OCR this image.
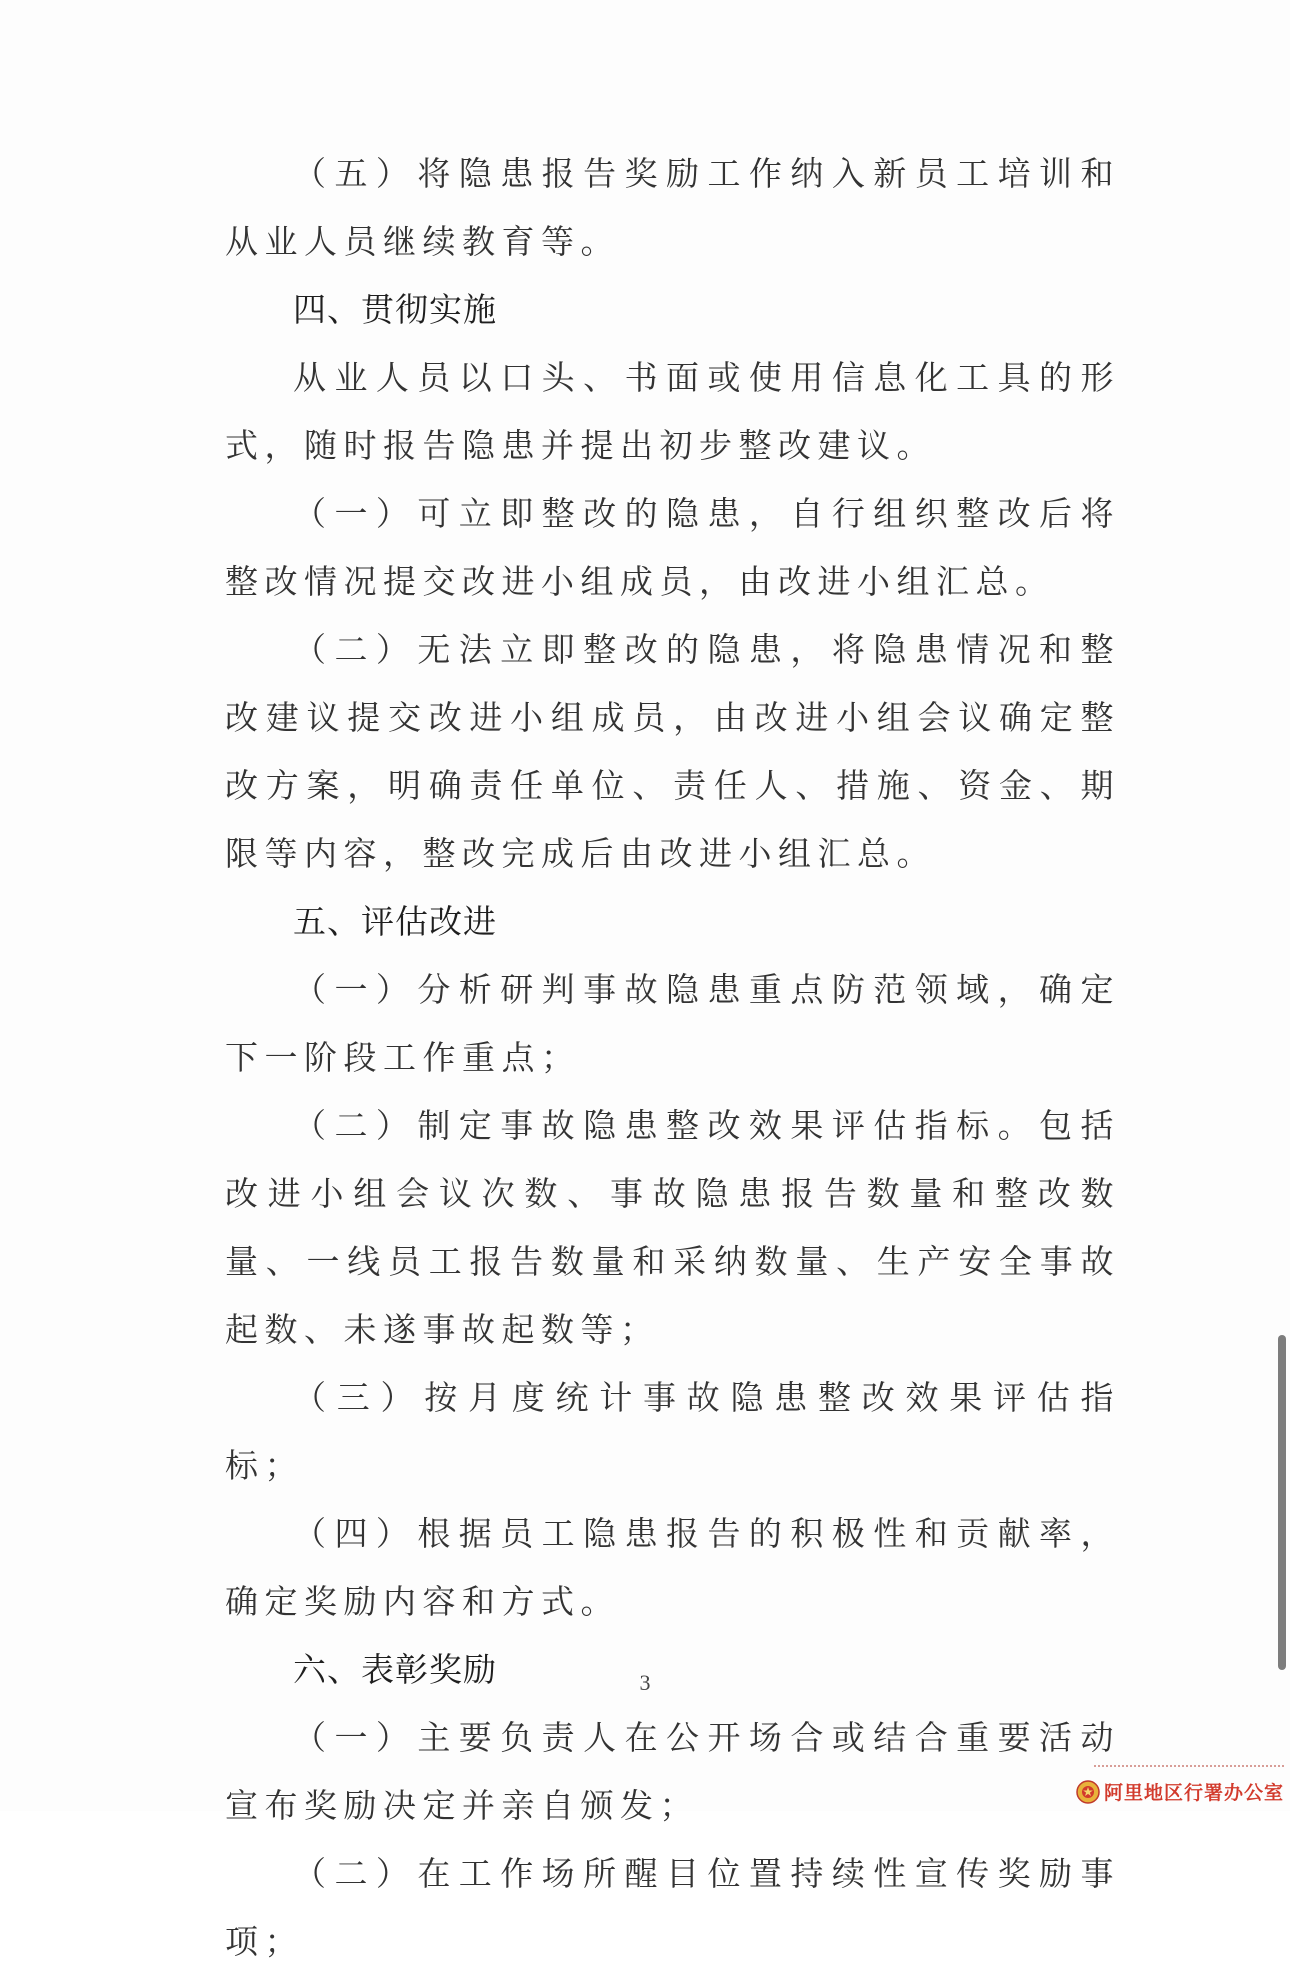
（五）将隐患报告奖励工作纳入新员工培训和从业人员继续教育等。

四、贯彻实施

从业人员以口头、书面或使用信息化工具的形式，随时报告隐患并提出初步整改建议。

（一）可立即整改的隐患，自行组织整改后将整改情况提交改进小组成员，由改进小组汇总。

（二）无法立即整改的隐患，将隐患情况和整改建议提交改进小组成员，由改进小组会议确定整改方案，明确责任单位、责任人、措施、资金、期限等内容，整改完成后由改进小组汇总。

五、评估改进

（一）分析研判事故隐患重点防范领域，确定下一阶段工作重点；

（二）制定事故隐患整改效果评估指标。包括改进小组会议次数、事故隐患报告数量和整改数量、一线员工报告数量和采纳数量、生产安全事故起数、未遂事故起数等；

（三）按月度统计事故隐患整改效果评估指标；

（四）根据员工隐患报告的积极性和贡献率，确定奖励内容和方式。

六、表彰奖励

（一）主要负责人在公开场合或结合重要活动宣布奖励决定并亲自颁发；

（二）在工作场所醒目位置持续性宣传奖励事项；

3
阿里地区行署办公室
